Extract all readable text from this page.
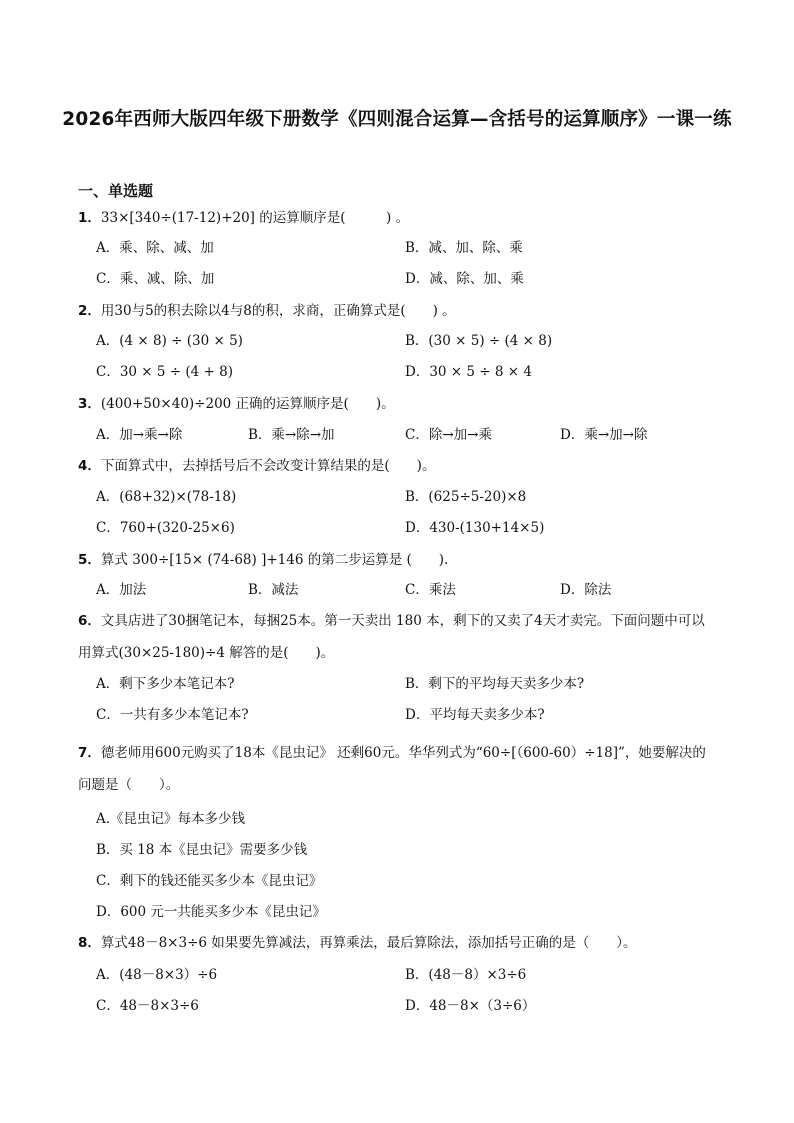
2026年西师大版四年级下册数学《四则混合运算—含括号的运算顺序》一课一练
一、单选题
1．33×[340÷(17-12)+20] 的运算顺序是(　　　) 。
A．乘、除、减、加	B．减、加、除、乘
C．乘、减、除、加	D．减、除、加、乘
2．用30与5的积去除以4与8的积，求商，正确算式是(　　) 。
A．(4 × 8) ÷ (30 × 5)	B．(30 × 5) ÷ (4 × 8)
C．30 × 5 ÷ (4 + 8)	D．30 × 5 ÷ 8 × 4
3．(400+50×40)÷200 正确的运算顺序是(　　)。
A．加→乘→除	B．乘→除→加	C．除→加→乘	D．乘→加→除
4．下面算式中，去掉括号后不会改变计算结果的是(　　)。
A．(68+32)×(78-18)	B．(625÷5-20)×8
C．760+(320-25×6)	D．430-(130+14×5)
5．算式 300÷[15× (74-68) ]+146 的第二步运算是 (　　).
A．加法	B．减法	C．乘法	D．除法
6．文具店进了30捆笔记本，每捆25本。第一天卖出 180 本，剩下的又卖了4天才卖完。下面问题中可以用算式(30×25-180)÷4 解答的是(　　)。
A．剩下多少本笔记本?	B．剩下的平均每天卖多少本?
C．一共有多少本笔记本?	D．平均每天卖多少本?
7．德老师用600元购买了18本《昆虫记》 还剩60元。华华列式为“60÷[（600-60）÷18]”，她要解决的问题是（　　）。
A.《昆虫记》每本多少钱
B．买 18 本《昆虫记》需要多少钱
C．剩下的钱还能买多少本《昆虫记》
D．600 元一共能买多少本《昆虫记》
8．算式48－8×3÷6 如果要先算减法，再算乘法，最后算除法，添加括号正确的是（　　）。
A．(48－8×3）÷6	B．(48－8）×3÷6
C．48－8×3÷6	D．48－8×（3÷6）
